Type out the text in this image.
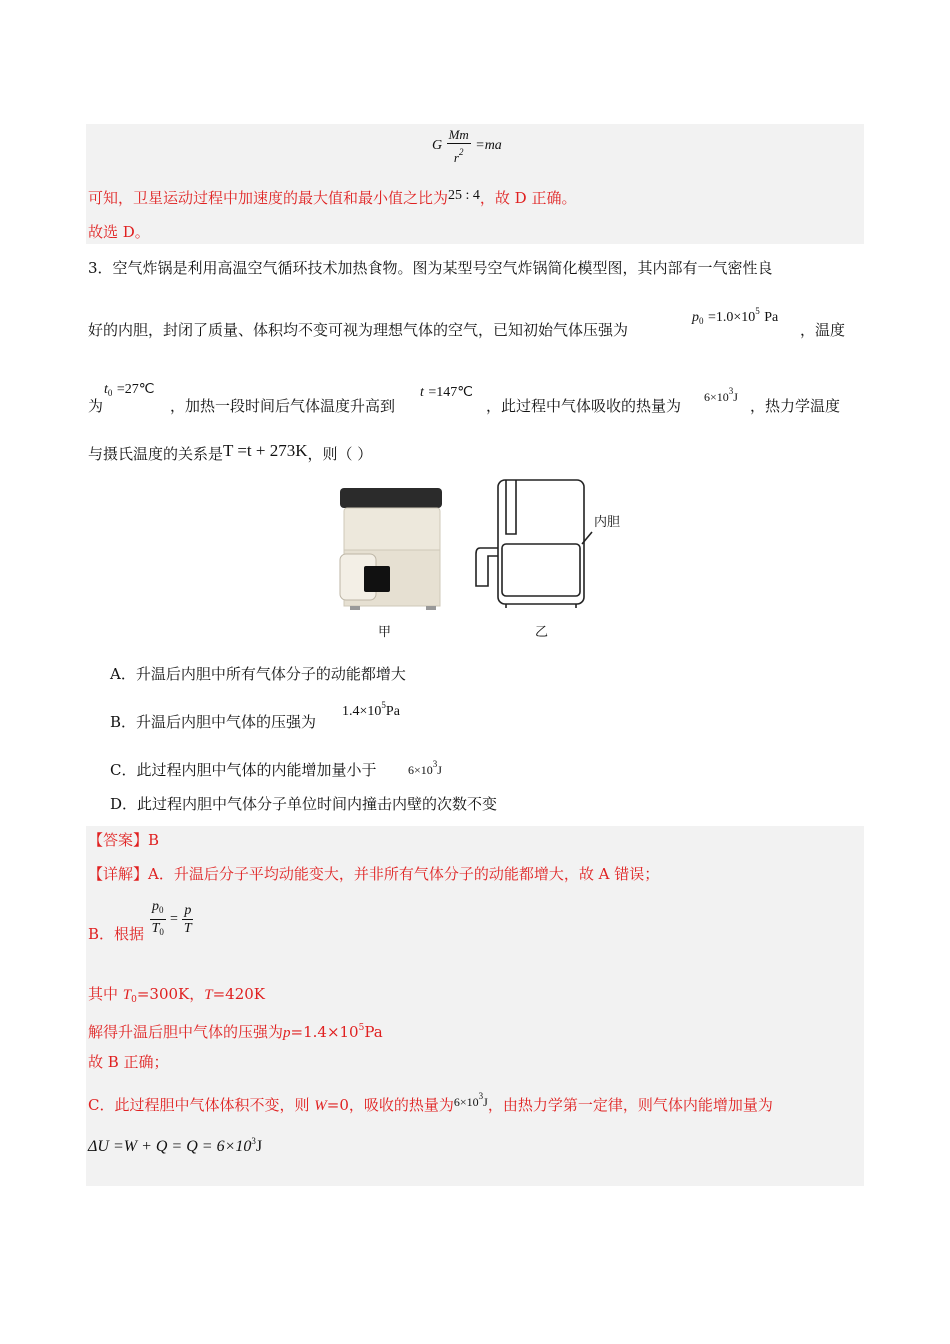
G $\frac{Mm}{r^2} =ma$
可知，卫星运动过程中加速度的最大值和最小值之比为25 : 4，故 D 正确。
故选 D。
3．空气炸锅是利用高温空气循环技术加热食物。图为某型号空气炸锅简化模型图，其内部有一气密性良
好的内胆，封闭了质量、体积均不变可视为理想气体的空气，已知初始气体压强为
$p_0 =1.0\times 10^5$ Pa
，温度
为
$t_0$ =27℃
，加热一段时间后气体温度升高到
t =147℃
，此过程中气体吸收的热量为 $6\times 10^3J$ ，热力学温度
与摄氏温度的关系是T =t + 273K，则（ ）
内胆
甲	乙
A．升温后内胆中所有气体分子的动能都增大
B．升温后内胆中气体的压强为
$1.4\times 10^5Pa$
C．此过程内胆中气体的内能增加量小于	$6\times 10^3J$
D．此过程内胆中气体分子单位时间内撞击内壁的次数不变
【答案】B
【详解】A．升温后分子平均动能变大，并非所有气体分子的动能都增大，故 A 错误；
B．根据 $\frac{p_0}{T_0} = \frac{p}{T}$
其中 $T_0=300K$，T=420K
解得升温后胆中气体的压强为$p=1.4\times 10^5Pa$
故 B 正确；
C．此过程胆中气体体积不变，则 W=0，吸收的热量为$^{6\times 10^3J}$，由热力学第一定律，则气体内能增加量为
$\Delta U =W + Q = Q = 6\times 10^3J$
